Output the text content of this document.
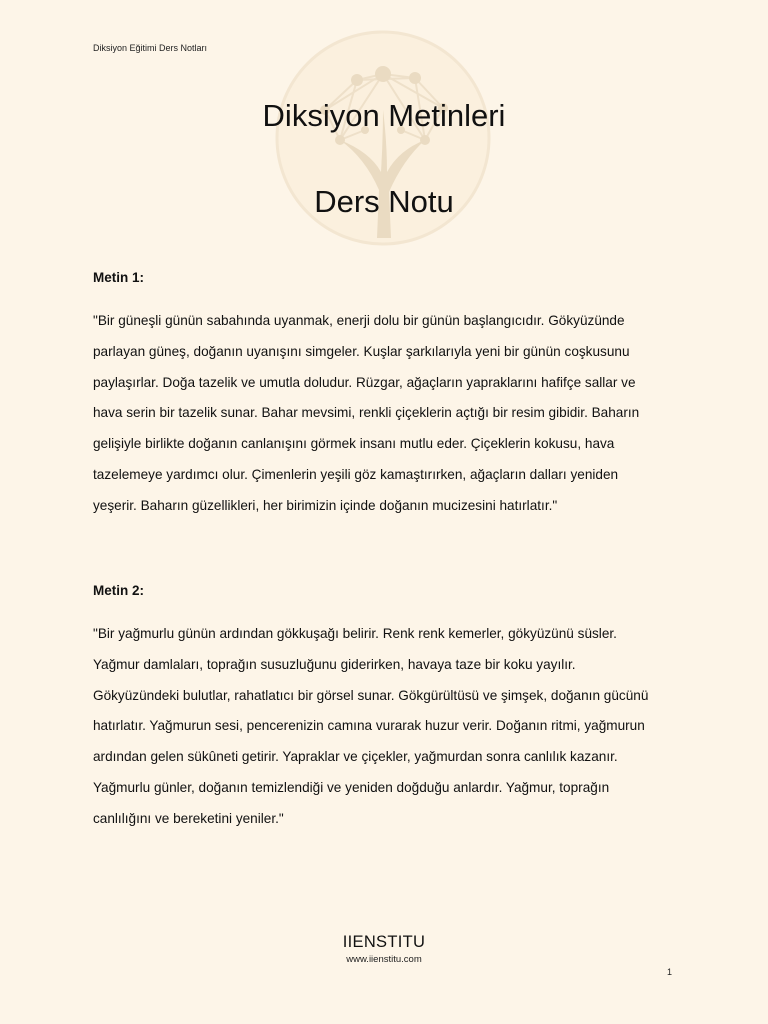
Diksiyon Eğitimi Ders Notları
Diksiyon Metinleri
Ders Notu
Metin 1:
"Bir güneşli günün sabahında uyanmak, enerji dolu bir günün başlangıcıdır. Gökyüzünde
parlayan güneş, doğanın uyanışını simgeler. Kuşlar şarkılarıyla yeni bir günün coşkusunu
paylaşırlar. Doğa tazelik ve umutla doludur. Rüzgar, ağaçların yapraklarını hafifçe sallar ve
hava serin bir tazelik sunar. Bahar mevsimi, renkli çiçeklerin açtığı bir resim gibidir. Baharın
gelişiyle birlikte doğanın canlanışını görmek insanı mutlu eder. Çiçeklerin kokusu, hava
tazelemeye yardımcı olur. Çimenlerin yeşili göz kamaştırırken, ağaçların dalları yeniden
yeşerir. Baharın güzellikleri, her birimizin içinde doğanın mucizesini hatırlatır."
Metin 2:
"Bir yağmurlu günün ardından gökkuşağı belirir. Renk renk kemerler, gökyüzünü süsler.
Yağmur damlaları, toprağın susuzluğunu giderirken, havaya taze bir koku yayılır.
Gökyüzündeki bulutlar, rahatlatıcı bir görsel sunar. Gökgürültüsü ve şimşek, doğanın gücünü
hatırlatır. Yağmurun sesi, pencerenizin camına vurarak huzur verir. Doğanın ritmi, yağmurun
ardından gelen sükûneti getirir. Yapraklar ve çiçekler, yağmurdan sonra canlılık kazanır.
Yağmurlu günler, doğanın temizlendiği ve yeniden doğduğu anlardır. Yağmur, toprağın
canlılığını ve bereketini yeniler."
IIENSTITU
www.iienstitu.com
1
